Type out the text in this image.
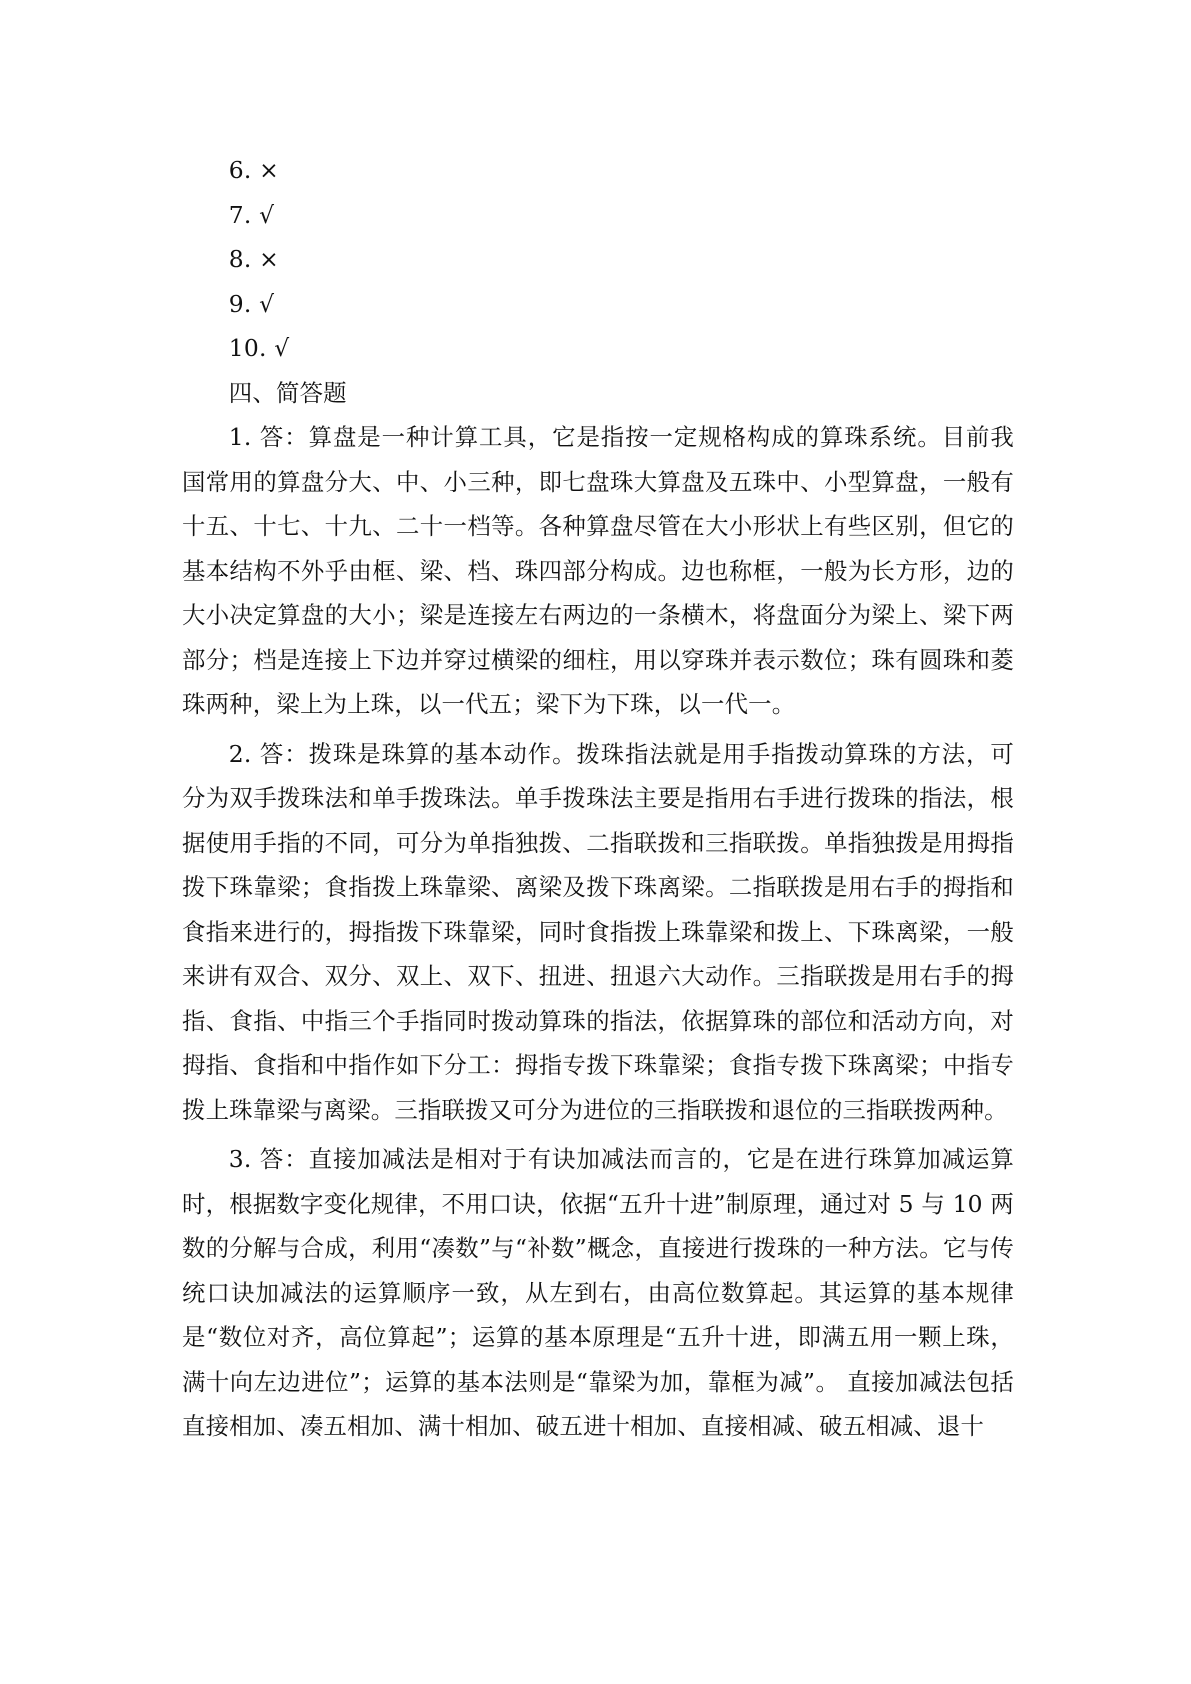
6. ×

7. √

8. ×

9. √

10. √

四、简答题

1. 答：算盘是一种计算工具，它是指按一定规格构成的算珠系统。目前我国常用的算盘分大、中、小三种，即七盘珠大算盘及五珠中、小型算盘，一般有十五、十七、十九、二十一档等。各种算盘尽管在大小形状上有些区别，但它的基本结构不外乎由框、梁、档、珠四部分构成。边也称框，一般为长方形，边的大小决定算盘的大小；梁是连接左右两边的一条横木，将盘面分为梁上、梁下两部分；档是连接上下边并穿过横梁的细柱，用以穿珠并表示数位；珠有圆珠和菱珠两种，梁上为上珠，以一代五；梁下为下珠，以一代一。

2. 答：拨珠是珠算的基本动作。拨珠指法就是用手指拨动算珠的方法，可分为双手拨珠法和单手拨珠法。单手拨珠法主要是指用右手进行拨珠的指法，根据使用手指的不同，可分为单指独拨、二指联拨和三指联拨。单指独拨是用拇指拨下珠靠梁；食指拨上珠靠梁、离梁及拨下珠离梁。二指联拨是用右手的拇指和食指来进行的，拇指拨下珠靠梁，同时食指拨上珠靠梁和拨上、下珠离梁，一般来讲有双合、双分、双上、双下、扭进、扭退六大动作。三指联拨是用右手的拇指、食指、中指三个手指同时拨动算珠的指法，依据算珠的部位和活动方向，对拇指、食指和中指作如下分工：拇指专拨下珠靠梁；食指专拨下珠离梁；中指专拨上珠靠梁与离梁。三指联拨又可分为进位的三指联拨和退位的三指联拨两种。

3. 答：直接加减法是相对于有诀加减法而言的，它是在进行珠算加减运算时，根据数字变化规律，不用口诀，依据“五升十进”制原理，通过对 5 与 10 两数的分解与合成，利用“凑数”与“补数”概念，直接进行拨珠的一种方法。它与传统口诀加减法的运算顺序一致，从左到右，由高位数算起。其运算的基本规律是“数位对齐，高位算起”；运算的基本原理是“五升十进，即满五用一颗上珠，满十向左边进位”；运算的基本法则是“靠梁为加，靠框为减”。 直接加减法包括直接相加、凑五相加、满十相加、破五进十相加、直接相减、破五相减、退十
